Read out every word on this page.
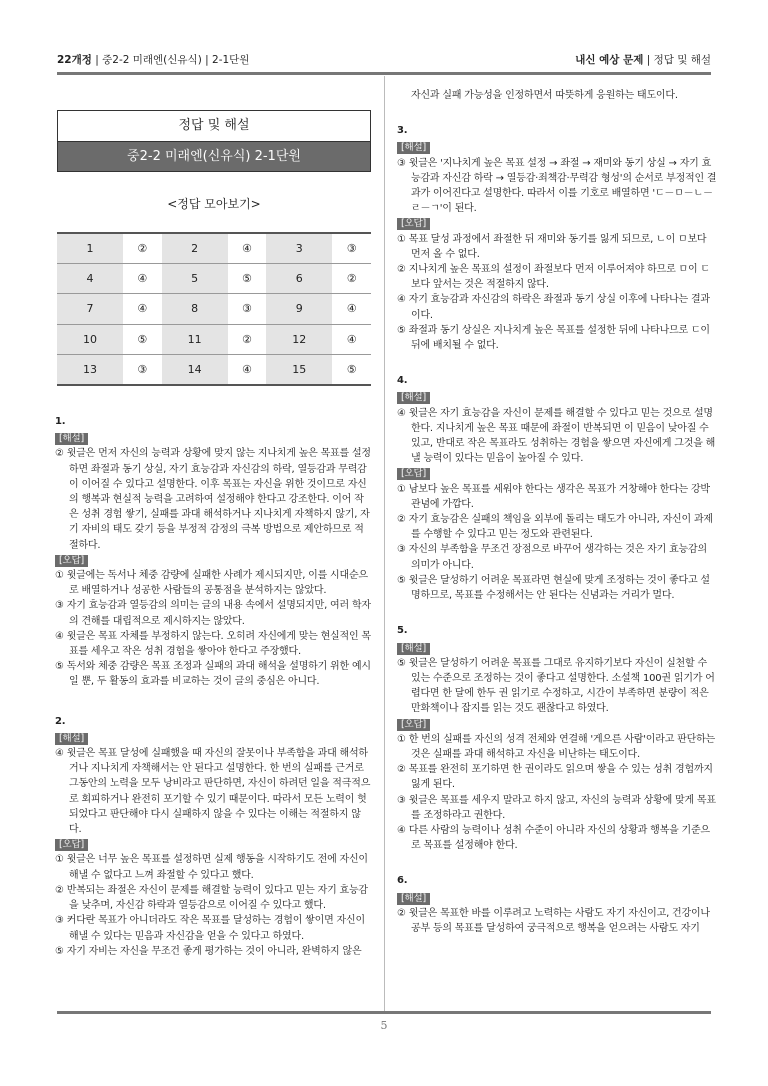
22개정 | 중2-2 미래엔(신유식) | 2-1단원	내신 예상 문제 | 정답 및 해설
정답 및 해설
중2-2 미래엔(신유식) 2-1단원
<정답 모아보기>
1	②	2	④	3	③
4	④	5	⑤	6	②
7	④	8	③	9	④
10	⑤	11	②	12	④
13	③	14	④	15	⑤
1.
[해설]
② 윗글은 먼저 자신의 능력과 상황에 맞지 않는 지나치게 높은 목표를 설정하면 좌절과 동기 상실, 자기 효능감과 자신감의 하락, 열등감과 무력감이 이어질 수 있다고 설명한다. 이후 목표는 자신을 위한 것이므로 자신의 행복과 현실적 능력을 고려하여 설정해야 한다고 강조한다. 이어 작은 성취 경험 쌓기, 실패를 과대 해석하거나 지나치게 자책하지 않기, 자기 자비의 태도 갖기 등을 부정적 감정의 극복 방법으로 제안하므로 적절하다.
[오답]
① 윗글에는 독서나 체중 감량에 실패한 사례가 제시되지만, 이를 시대순으로 배열하거나 성공한 사람들의 공통점을 분석하지는 않았다.
③ 자기 효능감과 열등감의 의미는 글의 내용 속에서 설명되지만, 여러 학자의 견해를 대립적으로 제시하지는 않았다.
④ 윗글은 목표 자체를 부정하지 않는다. 오히려 자신에게 맞는 현실적인 목표를 세우고 작은 성취 경험을 쌓아야 한다고 주장했다.
⑤ 독서와 체중 감량은 목표 조정과 실패의 과대 해석을 설명하기 위한 예시일 뿐, 두 활동의 효과를 비교하는 것이 글의 중심은 아니다.
2.
[해설]
④ 윗글은 목표 달성에 실패했을 때 자신의 잘못이나 부족함을 과대 해석하거나 지나치게 자책해서는 안 된다고 설명한다. 한 번의 실패를 근거로 그동안의 노력을 모두 낭비라고 판단하면, 자신이 하려던 일을 적극적으로 회피하거나 완전히 포기할 수 있기 때문이다. 따라서 모든 노력이 헛되었다고 판단해야 다시 실패하지 않을 수 있다는 이해는 적절하지 않다.
[오답]
① 윗글은 너무 높은 목표를 설정하면 실제 행동을 시작하기도 전에 자신이 해낼 수 없다고 느껴 좌절할 수 있다고 했다.
② 반복되는 좌절은 자신이 문제를 해결할 능력이 있다고 믿는 자기 효능감을 낮추며, 자신감 하락과 열등감으로 이어질 수 있다고 했다.
③ 커다란 목표가 아니더라도 작은 목표를 달성하는 경험이 쌓이면 자신이 해낼 수 있다는 믿음과 자신감을 얻을 수 있다고 하였다.
⑤ 자기 자비는 자신을 무조건 좋게 평가하는 것이 아니라, 완벽하지 않은
자신과 실패 가능성을 인정하면서 따뜻하게 응원하는 태도이다.
3.
[해설]
③ 윗글은 '지나치게 높은 목표 설정 → 좌절 → 재미와 동기 상실 → 자기 효능감과 자신감 하락 → 열등감·죄책감·무력감 형성'의 순서로 부정적인 결과가 이어진다고 설명한다. 따라서 이를 기호로 배열하면 'ㄷ－ㅁ－ㄴ－ㄹ－ㄱ'이 된다.
[오답]
① 목표 달성 과정에서 좌절한 뒤 재미와 동기를 잃게 되므로, ㄴ이 ㅁ보다 먼저 올 수 없다.
② 지나치게 높은 목표의 설정이 좌절보다 먼저 이루어져야 하므로 ㅁ이 ㄷ보다 앞서는 것은 적절하지 않다.
④ 자기 효능감과 자신감의 하락은 좌절과 동기 상실 이후에 나타나는 결과이다.
⑤ 좌절과 동기 상실은 지나치게 높은 목표를 설정한 뒤에 나타나므로 ㄷ이 뒤에 배치될 수 없다.
4.
[해설]
④ 윗글은 자기 효능감을 자신이 문제를 해결할 수 있다고 믿는 것으로 설명한다. 지나치게 높은 목표 때문에 좌절이 반복되면 이 믿음이 낮아질 수 있고, 반대로 작은 목표라도 성취하는 경험을 쌓으면 자신에게 그것을 해낼 능력이 있다는 믿음이 높아질 수 있다.
[오답]
① 남보다 높은 목표를 세워야 한다는 생각은 목표가 거창해야 한다는 강박 관념에 가깝다.
② 자기 효능감은 실패의 책임을 외부에 돌리는 태도가 아니라, 자신이 과제를 수행할 수 있다고 믿는 정도와 관련된다.
③ 자신의 부족함을 무조건 장점으로 바꾸어 생각하는 것은 자기 효능감의 의미가 아니다.
⑤ 윗글은 달성하기 어려운 목표라면 현실에 맞게 조정하는 것이 좋다고 설명하므로, 목표를 수정해서는 안 된다는 신념과는 거리가 멀다.
5.
[해설]
⑤ 윗글은 달성하기 어려운 목표를 그대로 유지하기보다 자신이 실천할 수 있는 수준으로 조정하는 것이 좋다고 설명한다. 소설책 100권 읽기가 어렵다면 한 달에 한두 권 읽기로 수정하고, 시간이 부족하면 분량이 적은 만화책이나 잡지를 읽는 것도 괜찮다고 하였다.
[오답]
① 한 번의 실패를 자신의 성격 전체와 연결해 '게으른 사람'이라고 판단하는 것은 실패를 과대 해석하고 자신을 비난하는 태도이다.
② 목표를 완전히 포기하면 한 권이라도 읽으며 쌓을 수 있는 성취 경험까지 잃게 된다.
③ 윗글은 목표를 세우지 말라고 하지 않고, 자신의 능력과 상황에 맞게 목표를 조정하라고 권한다.
④ 다른 사람의 능력이나 성취 수준이 아니라 자신의 상황과 행복을 기준으로 목표를 설정해야 한다.
6.
[해설]
② 윗글은 목표한 바를 이루려고 노력하는 사람도 자기 자신이고, 건강이나 공부 등의 목표를 달성하여 궁극적으로 행복을 얻으려는 사람도 자기
5
